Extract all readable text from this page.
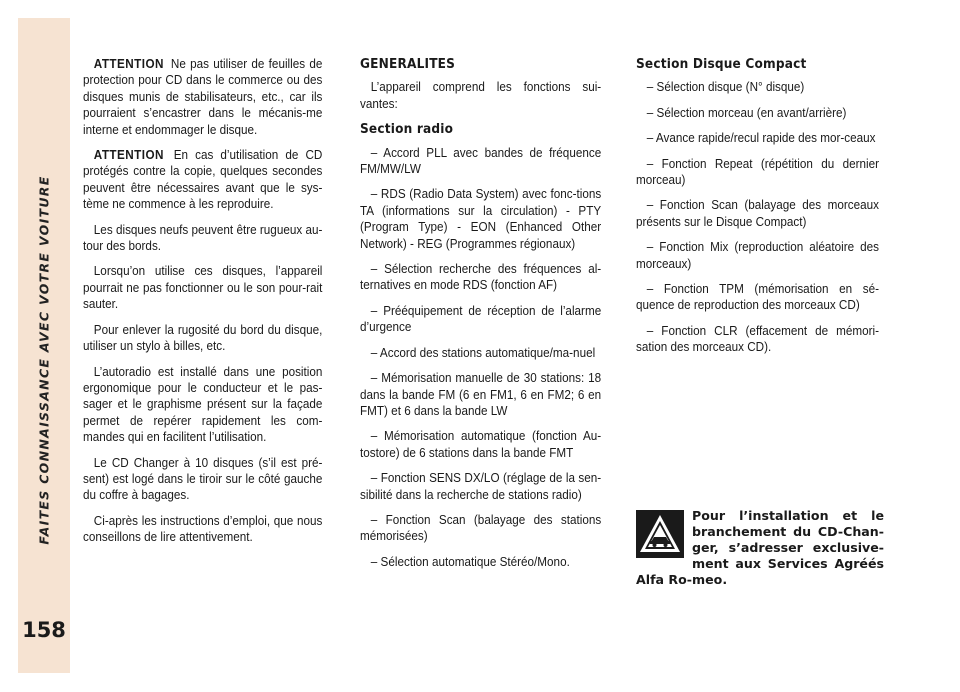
FAITES CONNAISSANCE AVEC VOTRE VOITURE
158

ATTENTION Ne pas utiliser de feuilles de protection pour CD dans le commerce ou des disques munis de stabilisateurs, etc., car ils pourraient s’encastrer dans le mécanis-me interne et endommager le disque.

ATTENTION En cas d’utilisation de CD protégés contre la copie, quelques secondes peuvent être nécessaires avant que le sys-tème ne commence à les reproduire.

Les disques neufs peuvent être rugueux au-tour des bords.

Lorsqu’on utilise ces disques, l’appareil pourrait ne pas fonctionner ou le son pour-rait sauter.

Pour enlever la rugosité du bord du disque, utiliser un stylo à billes, etc.

L’autoradio est installé dans une position ergonomique pour le conducteur et le pas-sager et le graphisme présent sur la façade permet de repérer rapidement les com-mandes qui en facilitent l’utilisation.

Le CD Changer à 10 disques (s’il est pré-sent) est logé dans le tiroir sur le côté gauche du coffre à bagages.

Ci-après les instructions d’emploi, que nous conseillons de lire attentivement.

GENERALITES

L’appareil comprend les fonctions sui-vantes:

Section radio

– Accord PLL avec bandes de fréquence FM/MW/LW

– RDS (Radio Data System) avec fonc-tions TA (informations sur la circulation) - PTY (Program Type) - EON (Enhanced Other Network) - REG (Programmes régionaux)

– Sélection recherche des fréquences al-ternatives en mode RDS (fonction AF)

– Prééquipement de réception de l’alarme d’urgence

– Accord des stations automatique/ma-nuel

– Mémorisation manuelle de 30 stations: 18 dans la bande FM (6 en FM1, 6 en FM2; 6 en FMT) et 6 dans la bande LW

– Mémorisation automatique (fonction Au-tostore) de 6 stations dans la bande FMT

– Fonction SENS DX/LO (réglage de la sen-sibilité dans la recherche de stations radio)

– Fonction Scan (balayage des stations mémorisées)

– Sélection automatique Stéréo/Mono.

Section Disque Compact

– Sélection disque (N° disque)

– Sélection morceau (en avant/arrière)

– Avance rapide/recul rapide des mor-ceaux

– Fonction Repeat (répétition du dernier morceau)

– Fonction Scan (balayage des morceaux présents sur le Disque Compact)

– Fonction Mix (reproduction aléatoire des morceaux)

– Fonction TPM (mémorisation en sé-quence de reproduction des morceaux CD)

– Fonction CLR (effacement de mémori-sation des morceaux CD).

Pour l’installation et le branchement du CD-Chan-ger, s’adresser exclusive-ment aux Services Agréés Alfa Ro-meo.
